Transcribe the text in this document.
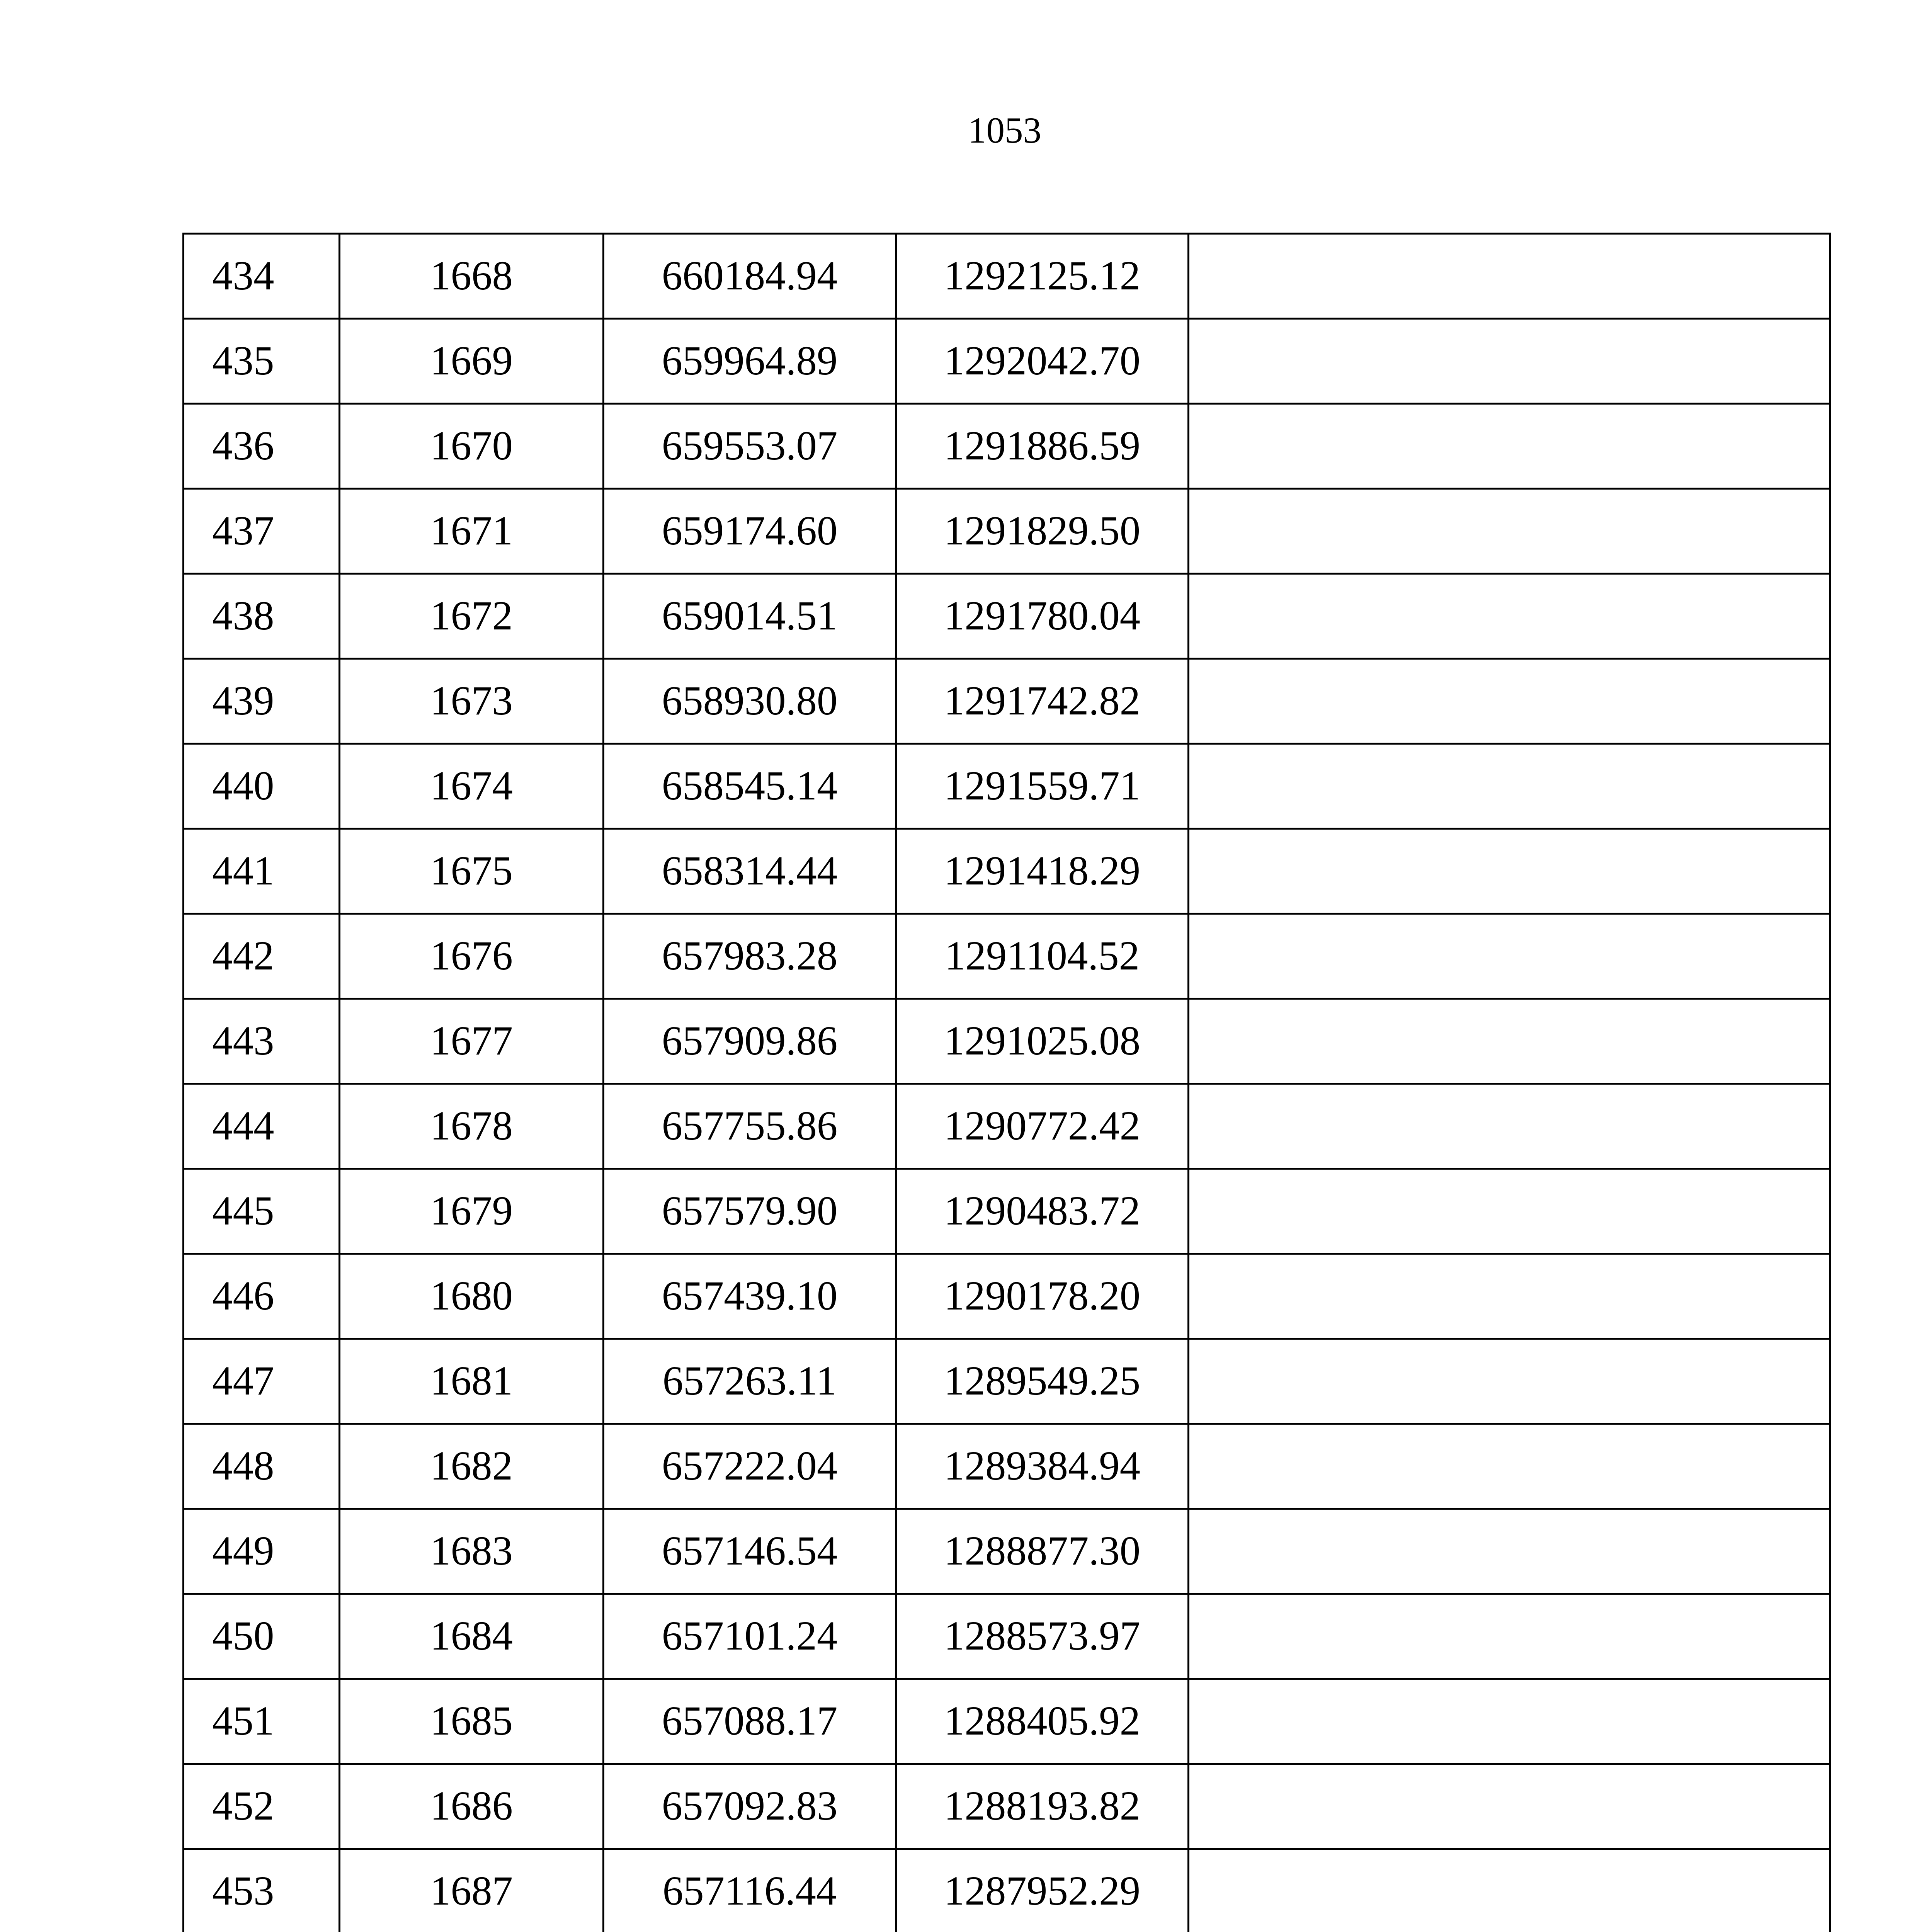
1053
434	1668	660184.94	1292125.12	
435	1669	659964.89	1292042.70	
436	1670	659553.07	1291886.59	
437	1671	659174.60	1291829.50	
438	1672	659014.51	1291780.04	
439	1673	658930.80	1291742.82	
440	1674	658545.14	1291559.71	
441	1675	658314.44	1291418.29	
442	1676	657983.28	1291104.52	
443	1677	657909.86	1291025.08	
444	1678	657755.86	1290772.42	
445	1679	657579.90	1290483.72	
446	1680	657439.10	1290178.20	
447	1681	657263.11	1289549.25	
448	1682	657222.04	1289384.94	
449	1683	657146.54	1288877.30	
450	1684	657101.24	1288573.97	
451	1685	657088.17	1288405.92	
452	1686	657092.83	1288193.82	
453	1687	657116.44	1287952.29	
